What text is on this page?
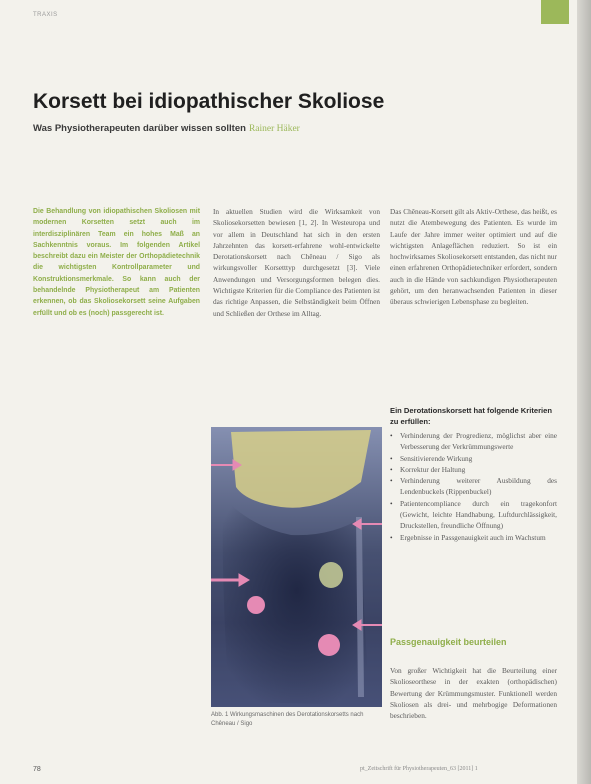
TRAXIS
Korsett bei idiopathischer Skoliose

Was Physiotherapeuten darüber wissen sollten Rainer Häker

Die Behandlung von idiopathischen Skoliosen mit modernen Korsetten setzt auch im interdisziplinären Team ein hohes Maß an Sachkenntnis voraus. Im folgenden Artikel beschreibt dazu ein Meister der Orthopädietechnik die wichtigsten Kontrollparameter und Konstruktionsmerkmale. So kann auch der behandelnde Physiotherapeut am Patienten erkennen, ob das Skoliosekorsett seine Aufgaben erfüllt und ob es (noch) passgerecht ist.

In aktuellen Studien wird die Wirksamkeit von Skoliosekorsetten bewiesen [1, 2]. In Westeuropa und vor allem in Deutschland hat sich in den ersten Jahrzehnten das korsett-erfahrene wohl-entwickelte Derotationskorsett nach Chêneau / Sigo als wirkungsvoller Korsetttyp durchgesetzt [3]. Viele Anwendungen und Versorgungsformen belegen dies. Wichtigste Kriterien für die Compliance des Patienten ist das richtige Anpassen, die Selbständigkeit beim Öffnen und Schließen der Orthese im Alltag.

Das Chêneau-Korsett gilt als Aktiv-Orthese, das heißt, es nutzt die Atembewegung des Patienten. Es wurde im Laufe der Jahre immer weiter optimiert und auf die wichtigsten Anlageflächen reduziert. So ist ein hochwirksames Skoliosekorsett entstanden, das nicht nur einen erfahrenen Orthopädietechniker erfordert, sondern auch in die Hände von sachkundigen Physiotherapeuten gehört, um den heranwachsenden Patienten in dieser überaus schwierigen Lebensphase zu begleiten.

Abb. 1 Wirkungsmaschinen des Derotationskorsetts nach Chêneau / Sigo
Ein Derotationskorsett hat folgende Kriterien zu erfüllen:
• Verhinderung der Progredienz, möglichst aber eine Verbesserung der Verkrümmungswerte
• Sensitivierende Wirkung
• Korrektur der Haltung
• Verhinderung weiterer Ausbildung des Lendenbuckels (Rippenbuckel)
• Patientencompliance durch ein tragekonfort (Gewicht, leichte Handhabung, Luftdurchlässigkeit, Druckstellen, freundliche Öffnung)
• Ergebnisse in Passgenauigkeit auch im Wachstum
Passgenauigkeit beurteilen

Von großer Wichtigkeit hat die Beurteilung einer Skolioseorthese in der exakten (orthopädischen) Bewertung der Krümmungsmuster. Funktionell werden Skoliosen als drei- und mehrbogige Deformationen beschrieben.

78	pt_Zeitschrift für Physiotherapeuten_63 [2011] 1
